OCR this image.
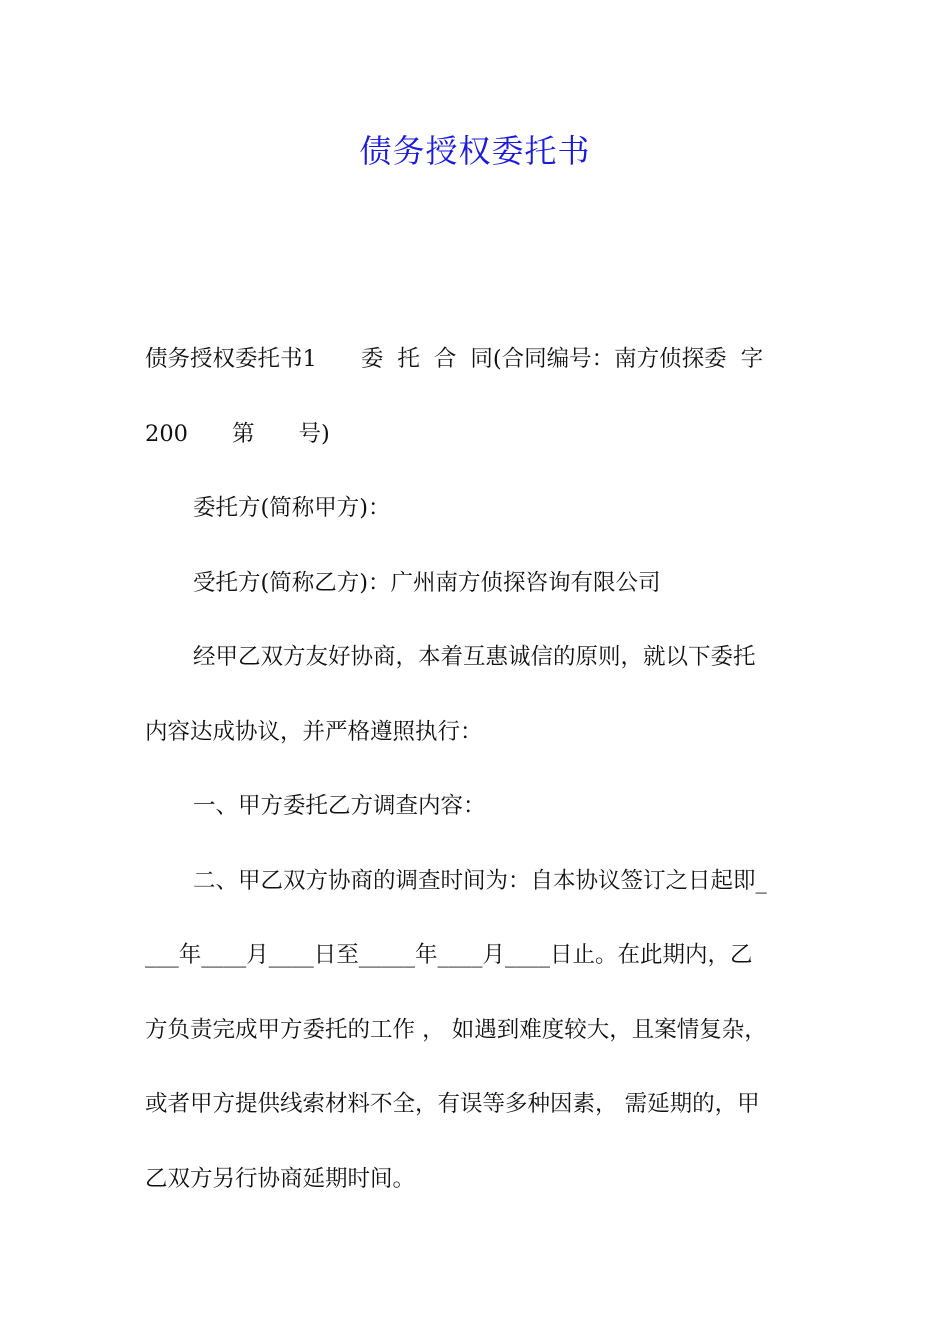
债务授权委托书
债务授权委托书1 委 托 合 同(合同编号：南方侦探委 字
200 第 号)
委托方(简称甲方)：
受托方(简称乙方)：广州南方侦探咨询有限公司
经甲乙双方友好协商，本着互惠诚信的原则，就以下委托
内容达成协议，并严格遵照执行：
一、甲方委托乙方调查内容：
二、甲乙双方协商的调查时间为：自本协议签订之日起即_
___年____月____日至_____年____月____日止。在此期内，乙
方负责完成甲方委托的工作 ， 如遇到难度较大，且案情复杂，
或者甲方提供线索材料不全，有误等多种因素， 需延期的，甲
乙双方另行协商延期时间。
